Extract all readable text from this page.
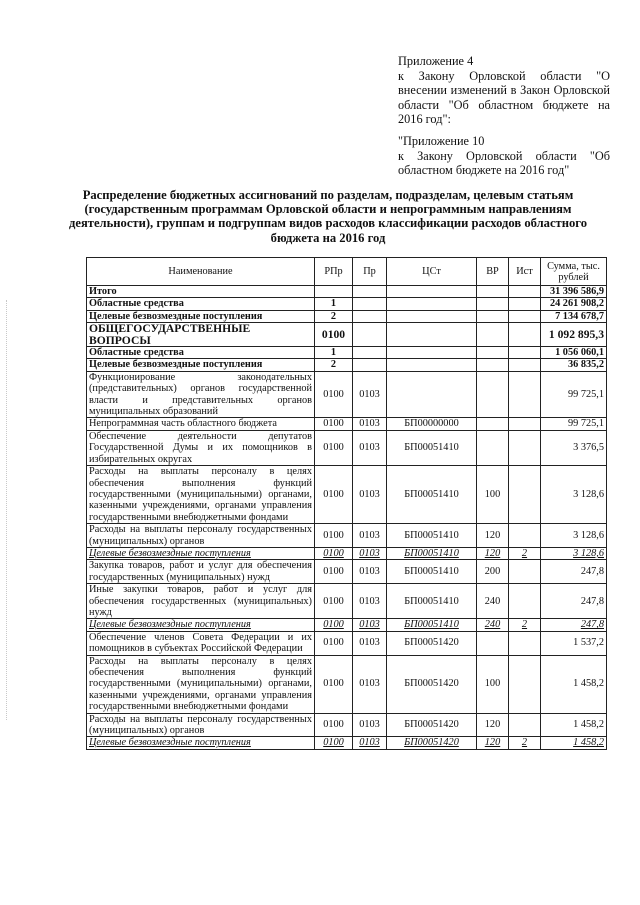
Приложение 4

к Закону Орловской области "О внесении изменений в Закон Орловской области "Об областном бюджете на 2016 год":

"Приложение 10

к Закону Орловской области "Об областном бюджете на 2016 год"

Распределение бюджетных ассигнований по разделам, подразделам, целевым статьям (государственным программам Орловской области и непрограммным направлениям деятельности), группам и подгруппам видов расходов классификации расходов областного бюджета на 2016 год
Наименование	РПр	Пр	ЦСт	ВР	Ист	Сумма, тыс. рублей
Итого						31 396 586,9
Областные средства	1					24 261 908,2
Целевые безвозмездные поступления	2					7 134 678,7
ОБЩЕГОСУДАРСТВЕННЫЕ ВОПРОСЫ	0100					1 092 895,3
Областные средства	1					1 056 060,1
Целевые безвозмездные поступления	2					36 835,2
Функционирование законодательных (представительных) органов государственной власти и представительных органов муниципальных образований	0100	0103				99 725,1
Непрограммная часть областного бюджета	0100	0103	БП00000000			99 725,1
Обеспечение деятельности депутатов Государственной Думы и их помощников в избирательных округах	0100	0103	БП00051410			3 376,5
Расходы на выплаты персоналу в целях обеспечения выполнения функций государственными (муниципальными) органами, казенными учреждениями, органами управления государственными внебюджетными фондами	0100	0103	БП00051410	100		3 128,6
Расходы на выплаты персоналу государственных (муниципальных) органов	0100	0103	БП00051410	120		3 128,6
Целевые безвозмездные поступления	0100	0103	БП00051410	120	2	3 128,6
Закупка товаров, работ и услуг для обеспечения государственных (муниципальных) нужд	0100	0103	БП00051410	200		247,8
Иные закупки товаров, работ и услуг для обеспечения государственных (муниципальных) нужд	0100	0103	БП00051410	240		247,8
Целевые безвозмездные поступления	0100	0103	БП00051410	240	2	247,8
Обеспечение членов Совета Федерации и их помощников в субъектах Российской Федерации	0100	0103	БП00051420			1 537,2
Расходы на выплаты персоналу в целях обеспечения выполнения функций государственными (муниципальными) органами, казенными учреждениями, органами управления государственными внебюджетными фондами	0100	0103	БП00051420	100		1 458,2
Расходы на выплаты персоналу государственных (муниципальных) органов	0100	0103	БП00051420	120		1 458,2
Целевые безвозмездные поступления	0100	0103	БП00051420	120	2	1 458,2
